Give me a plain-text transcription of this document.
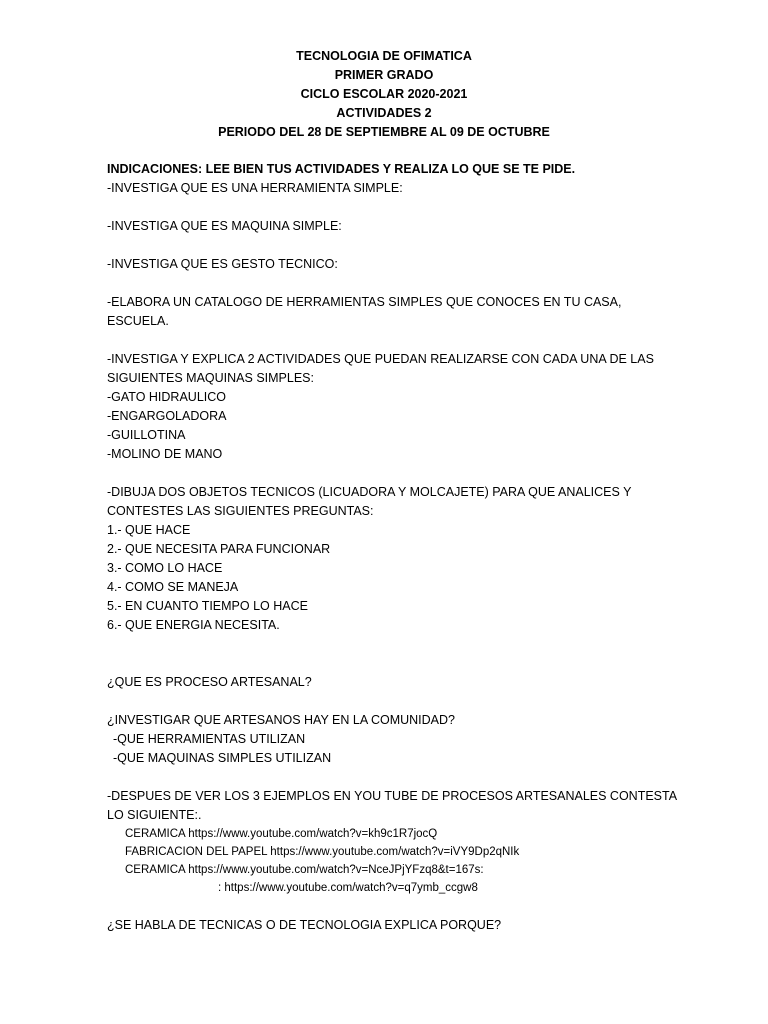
TECNOLOGIA DE OFIMATICA
PRIMER GRADO
CICLO ESCOLAR 2020-2021
ACTIVIDADES 2
PERIODO DEL 28 DE SEPTIEMBRE AL 09 DE OCTUBRE
INDICACIONES: LEE BIEN TUS ACTIVIDADES Y REALIZA LO QUE SE TE PIDE.
-INVESTIGA QUE ES UNA HERRAMIENTA SIMPLE:
-INVESTIGA QUE ES MAQUINA SIMPLE:
-INVESTIGA QUE ES GESTO TECNICO:
-ELABORA UN CATALOGO DE HERRAMIENTAS SIMPLES QUE CONOCES EN TU CASA,
ESCUELA.
-INVESTIGA Y EXPLICA 2 ACTIVIDADES QUE PUEDAN REALIZARSE CON CADA UNA DE LAS
SIGUIENTES MAQUINAS SIMPLES:
-GATO HIDRAULICO
-ENGARGOLADORA
-GUILLOTINA
-MOLINO DE MANO
-DIBUJA DOS OBJETOS TECNICOS (LICUADORA Y MOLCAJETE) PARA QUE ANALICES Y
CONTESTES LAS SIGUIENTES PREGUNTAS:
1.- QUE HACE
2.- QUE NECESITA PARA FUNCIONAR
3.- COMO LO HACE
4.- COMO SE MANEJA
5.- EN CUANTO TIEMPO LO HACE
6.- QUE ENERGIA NECESITA.
¿QUE ES PROCESO ARTESANAL?
¿INVESTIGAR QUE ARTESANOS HAY EN LA COMUNIDAD?
-QUE HERRAMIENTAS UTILIZAN
-QUE MAQUINAS SIMPLES UTILIZAN
-DESPUES DE VER LOS 3 EJEMPLOS EN YOU TUBE DE PROCESOS ARTESANALES CONTESTA
LO SIGUIENTE:.
CERAMICA https://www.youtube.com/watch?v=kh9c1R7jocQ
FABRICACION DEL PAPEL https://www.youtube.com/watch?v=iVY9Dp2qNIk
CERAMICA https://www.youtube.com/watch?v=NceJPjYFzq8&t=167s:
: https://www.youtube.com/watch?v=q7ymb_ccgw8
¿SE HABLA DE TECNICAS O DE TECNOLOGIA EXPLICA PORQUE?
